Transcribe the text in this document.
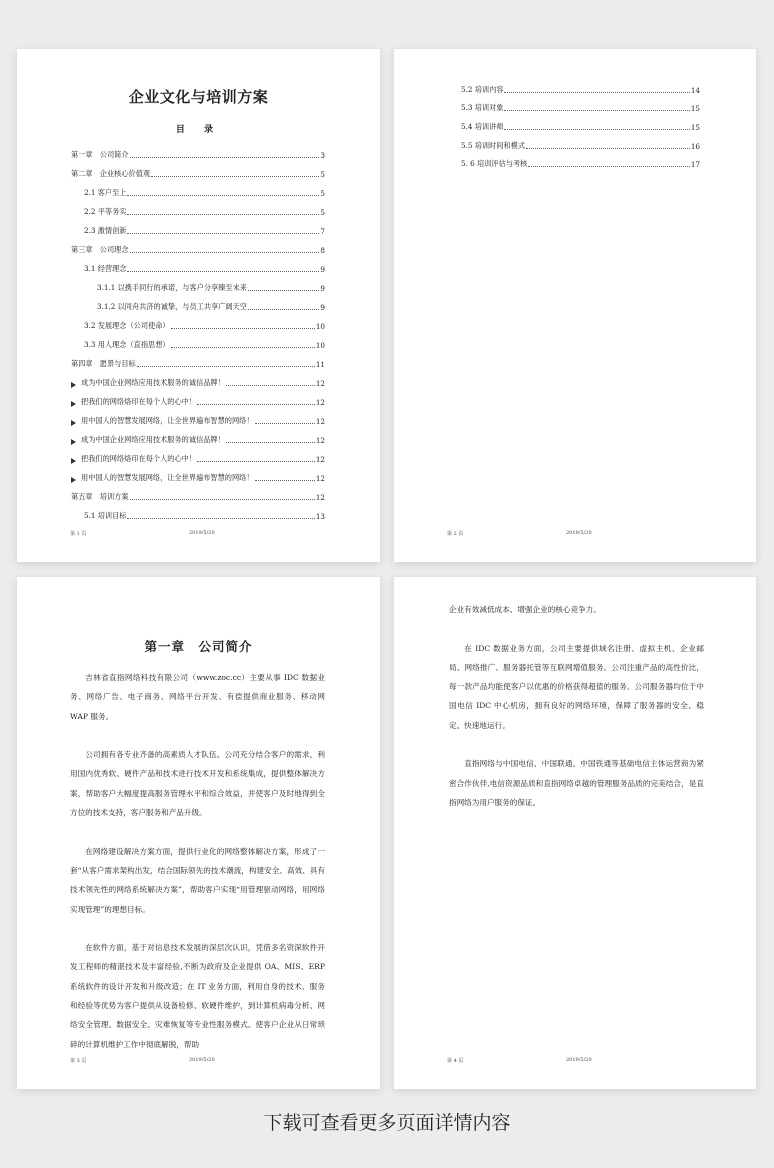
企业文化与培训方案
目 录
第一章　公司简介	3
第二章　企业核心价值观	5
2.1 客户至上	5
2.2 平等务实	5
2.3 激情创新	7
第三章　公司理念	8
3.1 经营理念	9
3.1.1 以携手同行的承诺，与客户分享臻至未来	9
3.1.2 以同舟共济的诚挚，与员工共享广阔天空	9
3.2 发展理念（公司使命）	10
3.3 用人理念（直指思想）	10
第四章　愿景与目标	11
成为中国企业网络应用技术服务的诚信品牌！	12
把我们的网络烙印在每个人的心中！	12
用中国人的智慧发展网络，让全世界遍布智慧的网络！	12
成为中国企业网络应用技术服务的诚信品牌！	12
把我们的网络烙印在每个人的心中！	12
用中国人的智慧发展网络，让全世界遍布智慧的网络！	12
第五章　培训方案	12
5.1 培训目标	13
第 1 页	2019/5/20
5.2 培训内容	14
5.3 培训对象	15
5.4 培训讲师	15
5.5 培训时间和模式	16
5. 6 培训评估与考核	17
第 2 页	2019/5/20
第一章　公司简介

吉林省直指网络科技有限公司（www.zoc.cc）主要从事 IDC 数据业务、网络广告、电子商务、网络平台开发、有偿提供商业服务、移动网 WAP 服务。

公司拥有各专业齐备的高素质人才队伍。公司充分结合客户的需求，利用国内优秀软、硬件产品和技术进行技术开发和系统集成，提供整体解决方案，帮助客户大幅度提高服务管理水平和综合效益，并使客户及时地得到全方位的技术支持，客户服务和产品升级。

在网络建设解决方案方面，提供行业化的网络整体解决方案，形成了一套“从客户需求架构出发，结合国际领先的技术潮流，构建安全、高效、具有技术领先性的网络系统解决方案”，帮助客户实现“用管理驱动网络，用网络实现管理”的理想目标。

在软件方面，基于对信息技术发展的深层次认识，凭借多名资深软件开发工程师的精湛技术及丰富经验,不断为政府及企业提供 OA、MIS、ERP 系统软件的设计开发和升级改造；在 IT 业务方面，利用自身的技术、服务和经验等优势为客户提供从设备检修、软硬件维护，到计算机病毒分析、网络安全管理、数据安全、灾难恢复等专业性服务模式。使客户企业从日常琐碎的计算机维护工作中彻底解脱，帮助

第 3 页	2019/5/20

企业有效减低成本、增强企业的核心竞争力。

在 IDC 数据业务方面，公司主要提供域名注册、虚拟主机、企业邮局、网络推广、服务器托管等互联网增值服务。公司注重产品的高性价比，每一款产品均能使客户以优惠的价格获得超值的服务。公司服务器均位于中国电信 IDC 中心机房，拥有良好的网络环境，保障了服务器的安全、稳定、快速地运行。

直指网络与中国电信、中国联通、中国铁通等基础电信主体运营商为紧密合作伙伴,电信资源品质和直指网络卓越的管理服务品质的完美结合，是直指网络为用户服务的保证。

第 4 页	2019/5/20
下载可查看更多页面详情内容
